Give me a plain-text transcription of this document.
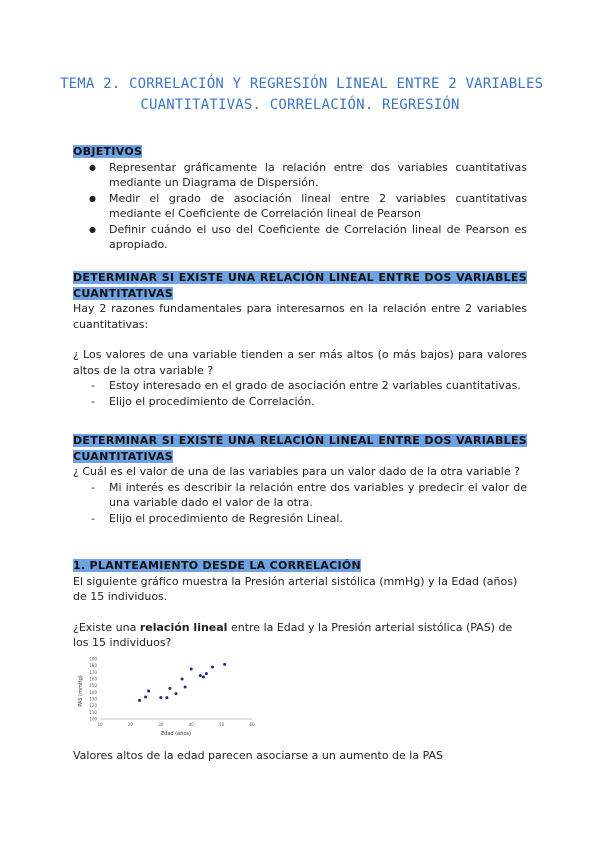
TEMA 2. CORRELACIÓN Y REGRESIÓN LINEAL ENTRE 2 VARIABLES
CUANTITATIVAS. CORRELACIÓN. REGRESIÓN

OBJETIVOS

● Representar gráficamente la relación entre dos variables cuantitativas mediante un Diagrama de Dispersión.
● Medir el grado de asociación lineal entre 2 variables cuantitativas mediante el Coeficiente de Correlación lineal de Pearson
● Definir cuándo el uso del Coeficiente de Correlación lineal de Pearson es apropiado.

DETERMINAR SI EXISTE UNA RELACIÓN LINEAL ENTRE DOS VARIABLES CUANTITATIVAS

Hay 2 razones fundamentales para interesarnos en la relación entre 2 variables cuantitativas:

¿ Los valores de una variable tienden a ser más altos (o más bajos) para valores altos de la otra variable ?

- Estoy interesado en el grado de asociación entre 2 variables cuantitativas.
- Elijo el procedimiento de Correlación.

DETERMINAR SI EXISTE UNA RELACIÓN LINEAL ENTRE DOS VARIABLES CUANTITATIVAS

¿ Cuál es el valor de una de las variables para un valor dado de la otra variable ?

- Mi interés es describir la relación entre dos variables y predecir el valor de una variable dado el valor de la otra.
- Elijo el procedimiento de Regresión Lineal.

1. PLANTEAMIENTO DESDE LA CORRELACIÓN

El siguiente gráfico muestra la Presión arterial sistólica (mmHg) y la Edad (años) de 15 individuos.

¿Existe una relación lineal entre la Edad y la Presión arterial sistólica (PAS) de los 15 individuos?

100
110
120
130
140
150
160
170
180
190
10	20	30	40	50	60
Edad (años)
PAS (mmHg)

Valores altos de la edad parecen asociarse a un aumento de la PAS
